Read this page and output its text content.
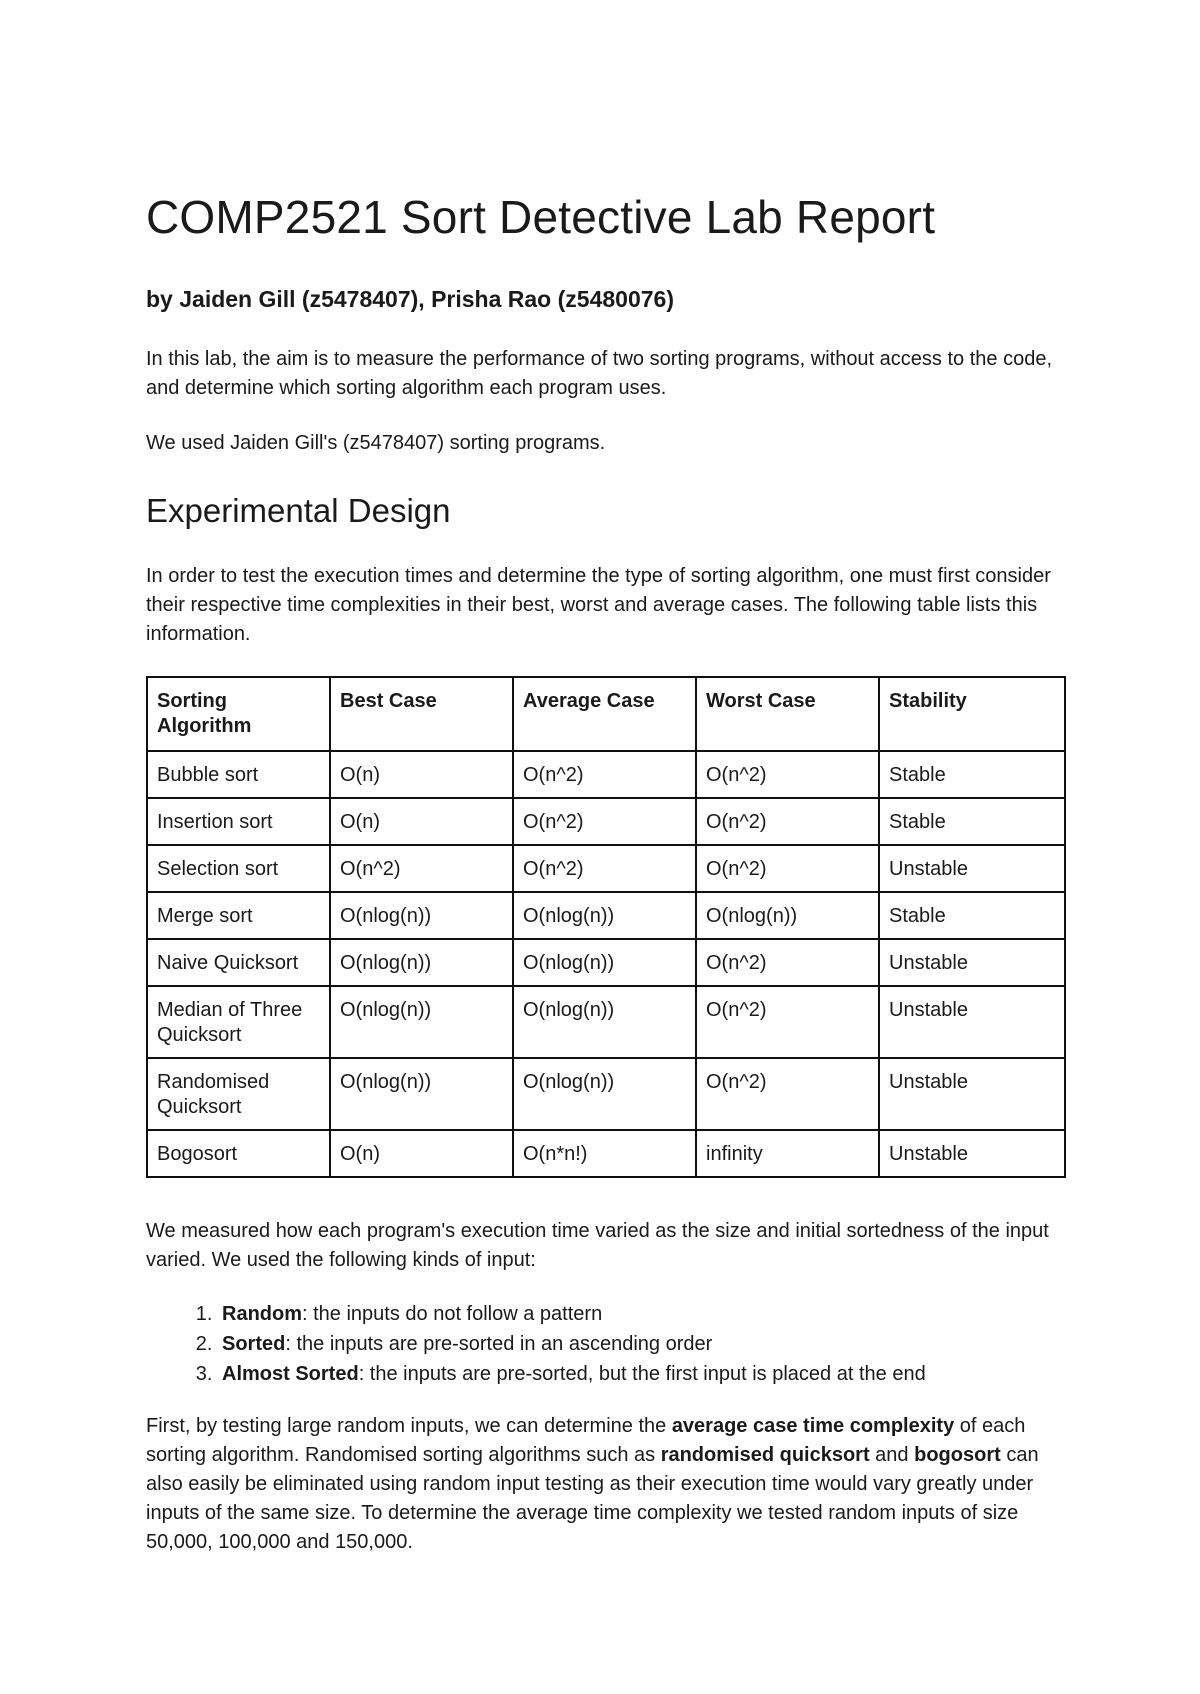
COMP2521 Sort Detective Lab Report
by Jaiden Gill (z5478407), Prisha Rao (z5480076)

In this lab, the aim is to measure the performance of two sorting programs, without access to the code, and determine which sorting algorithm each program uses.

We used Jaiden Gill's (z5478407) sorting programs.

Experimental Design

In order to test the execution times and determine the type of sorting algorithm, one must first consider their respective time complexities in their best, worst and average cases. The following table lists this information.

Sorting Algorithm	Best Case	Average Case	Worst Case	Stability
Bubble sort	O(n)	O(n^2)	O(n^2)	Stable
Insertion sort	O(n)	O(n^2)	O(n^2)	Stable
Selection sort	O(n^2)	O(n^2)	O(n^2)	Unstable
Merge sort	O(nlog(n))	O(nlog(n))	O(nlog(n))	Stable
Naive Quicksort	O(nlog(n))	O(nlog(n))	O(n^2)	Unstable
Median of Three Quicksort	O(nlog(n))	O(nlog(n))	O(n^2)	Unstable
Randomised Quicksort	O(nlog(n))	O(nlog(n))	O(n^2)	Unstable
Bogosort	O(n)	O(n*n!)	infinity	Unstable

We measured how each program's execution time varied as the size and initial sortedness of the input varied. We used the following kinds of input:

1. Random: the inputs do not follow a pattern
2. Sorted: the inputs are pre-sorted in an ascending order
3. Almost Sorted: the inputs are pre-sorted, but the first input is placed at the end

First, by testing large random inputs, we can determine the average case time complexity of each sorting algorithm. Randomised sorting algorithms such as randomised quicksort and bogosort can also easily be eliminated using random input testing as their execution time would vary greatly under inputs of the same size. To determine the average time complexity we tested random inputs of size 50,000, 100,000 and 150,000.
